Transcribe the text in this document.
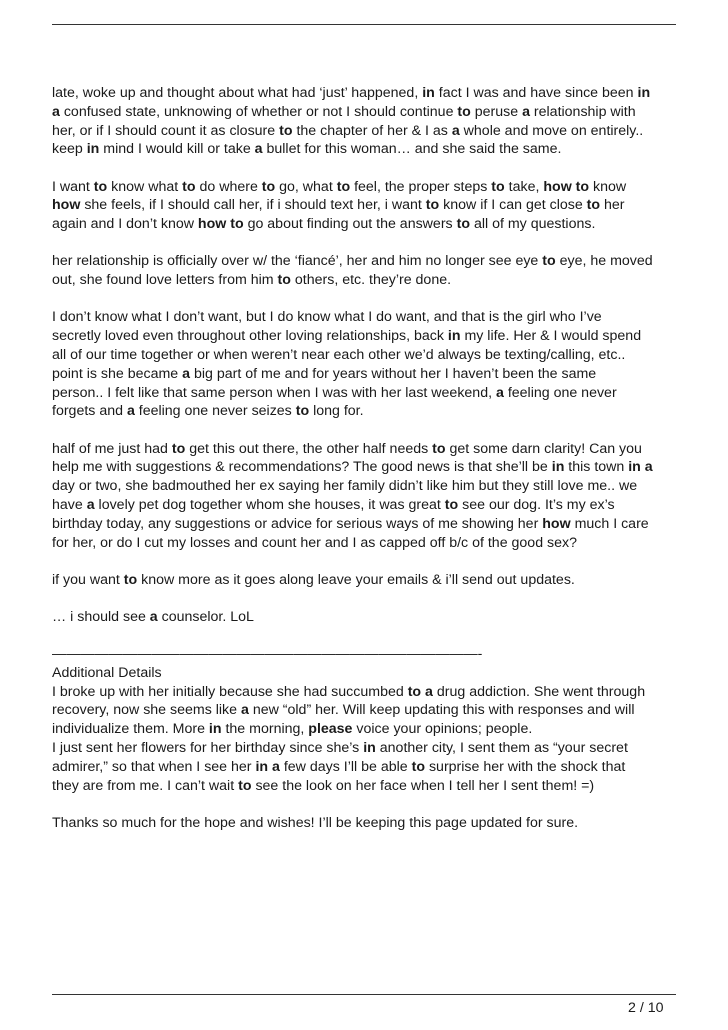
late, woke up and thought about what had ‘just’ happened, in fact I was and have since been in
a confused state, unknowing of whether or not I should continue to peruse a relationship with
her, or if I should count it as closure to the chapter of her & I as a whole and move on entirely..
keep in mind I would kill or take a bullet for this woman… and she said the same.
I want to know what to do where to go, what to feel, the proper steps to take, how to know
how she feels, if I should call her, if i should text her, i want to know if I can get close to her
again and I don’t know how to go about finding out the answers to all of my questions.
her relationship is officially over w/ the ‘fiancé’, her and him no longer see eye to eye, he moved
out, she found love letters from him to others, etc. they’re done.
I don’t know what I don’t want, but I do know what I do want, and that is the girl who I’ve
secretly loved even throughout other loving relationships, back in my life. Her & I would spend
all of our time together or when weren’t near each other we’d always be texting/calling, etc..
point is she became a big part of me and for years without her I haven’t been the same
person.. I felt like that same person when I was with her last weekend, a feeling one never
forgets and a feeling one never seizes to long for.
half of me just had to get this out there, the other half needs to get some darn clarity! Can you
help me with suggestions & recommendations? The good news is that she’ll be in this town in a
day or two, she badmouthed her ex saying her family didn’t like him but they still love me.. we
have a lovely pet dog together whom she houses, it was great to see our dog. It’s my ex’s
birthday today, any suggestions or advice for serious ways of me showing her how much I care
for her, or do I cut my losses and count her and I as capped off b/c of the good sex?
if you want to know more as it goes along leave your emails & i’ll send out updates.
… i should see a counselor. LoL
——————————————————————————————-
Additional Details
I broke up with her initially because she had succumbed to a drug addiction. She went through
recovery, now she seems like a new “old” her. Will keep updating this with responses and will
individualize them. More in the morning, please voice your opinions; people.
I just sent her flowers for her birthday since she’s in another city, I sent them as “your secret
admirer,” so that when I see her in a few days I’ll be able to surprise her with the shock that
they are from me. I can’t wait to see the look on her face when I tell her I sent them! =)
Thanks so much for the hope and wishes! I’ll be keeping this page updated for sure.
2 / 10
